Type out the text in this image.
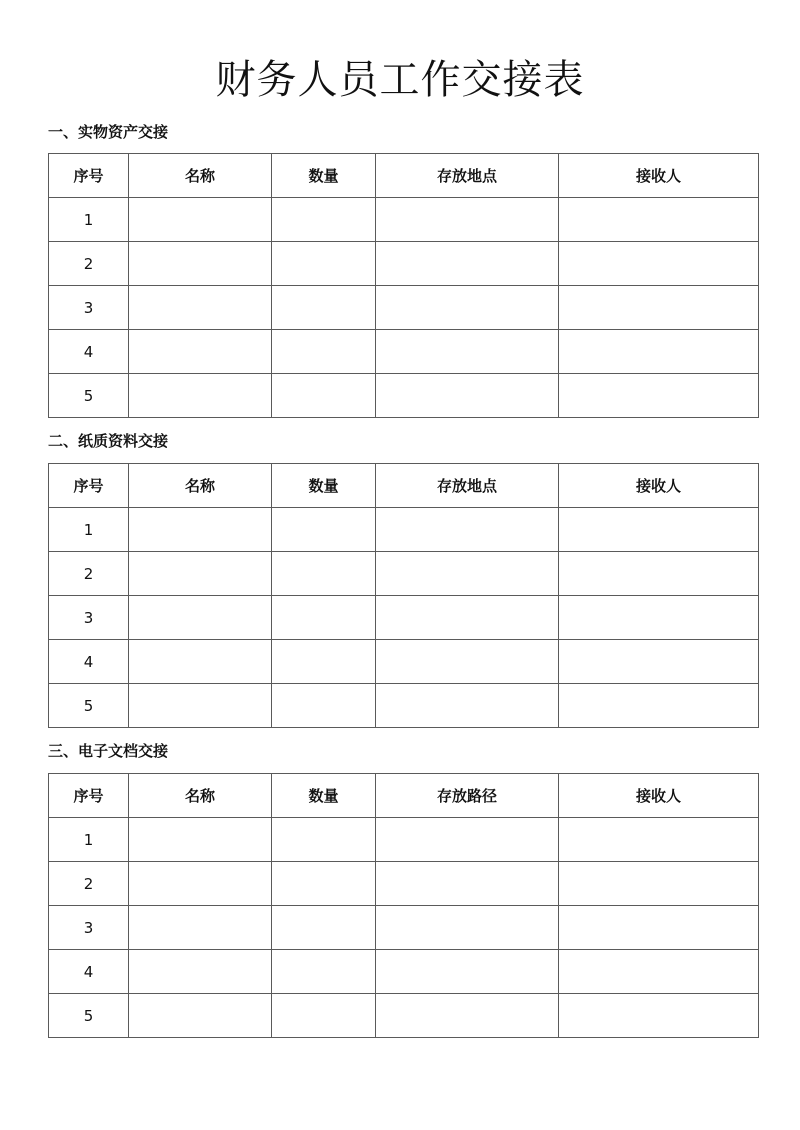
财务人员工作交接表
一、实物资产交接
序号	名称	数量	存放地点	接收人
1				
2				
3				
4				
5				
二、纸质资料交接
序号	名称	数量	存放地点	接收人
1				
2				
3				
4				
5				
三、电子文档交接
序号	名称	数量	存放路径	接收人
1				
2				
3				
4				
5				
